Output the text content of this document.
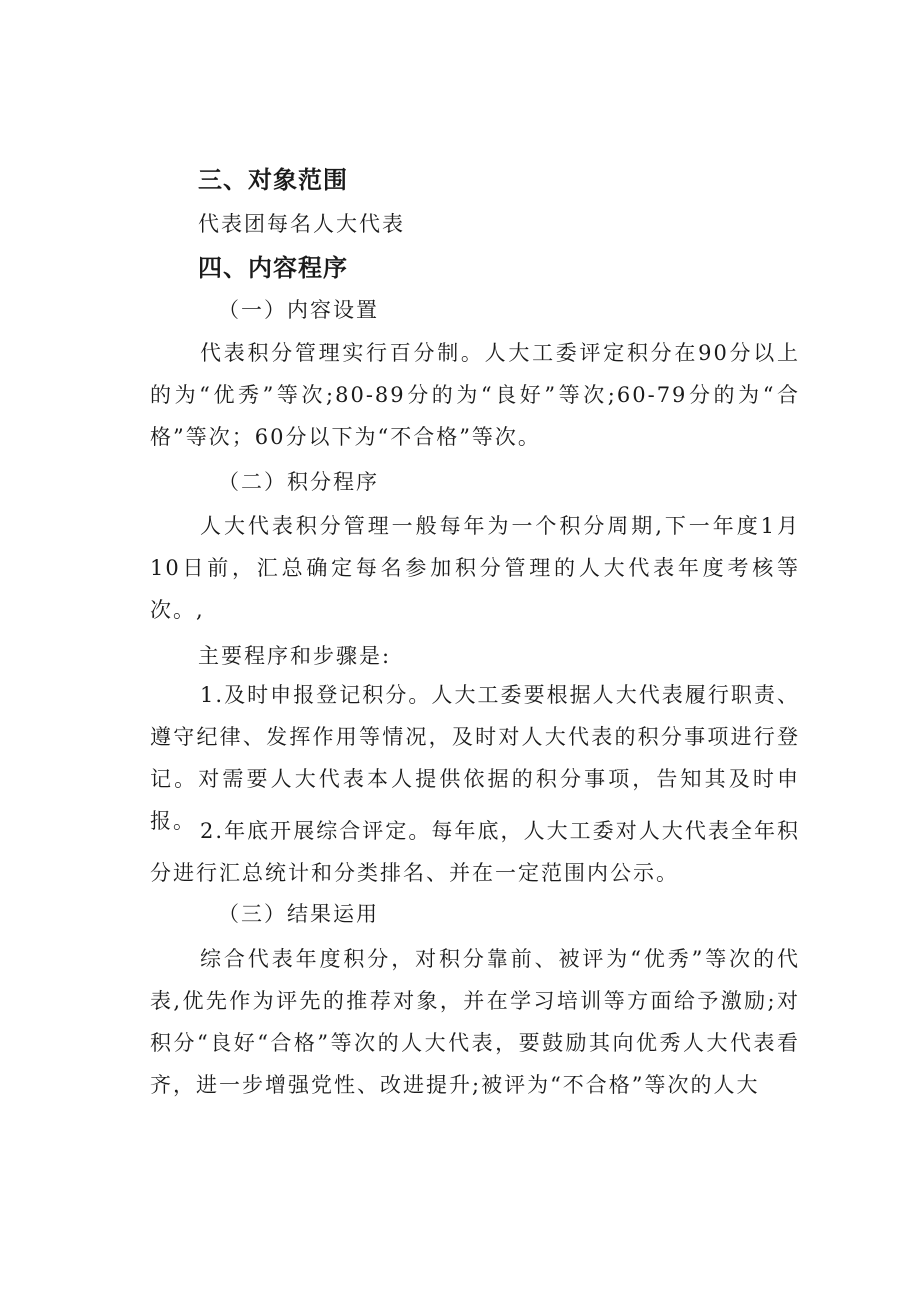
三、对象范围
代表团每名人大代表
四、内容程序
（一）内容设置

代表积分管理实行百分制。人大工委评定积分在90分以上的为“优秀”等次;80-89分的为“良好”等次;60-79分的为“合格”等次；60分以下为“不合格”等次。

（二）积分程序

人大代表积分管理一般每年为一个积分周期,下一年度1月10日前，汇总确定每名参加积分管理的人大代表年度考核等次。,

主要程序和步骤是:

1.及时申报登记积分。人大工委要根据人大代表履行职责、遵守纪律、发挥作用等情况，及时对人大代表的积分事项进行登记。对需要人大代表本人提供依据的积分事项，告知其及时申报。 2.年底开展综合评定。每年底，人大工委对人大代表全年积分进行汇总统计和分类排名、并在一定范围内公示。

（三）结果运用

综合代表年度积分，对积分靠前、被评为“优秀”等次的代表,优先作为评先的推荐对象，并在学习培训等方面给予激励;对积分“良好“合格”等次的人大代表，要鼓励其向优秀人大代表看齐，进一步增强党性、改进提升;被评为“不合格”等次的人大
